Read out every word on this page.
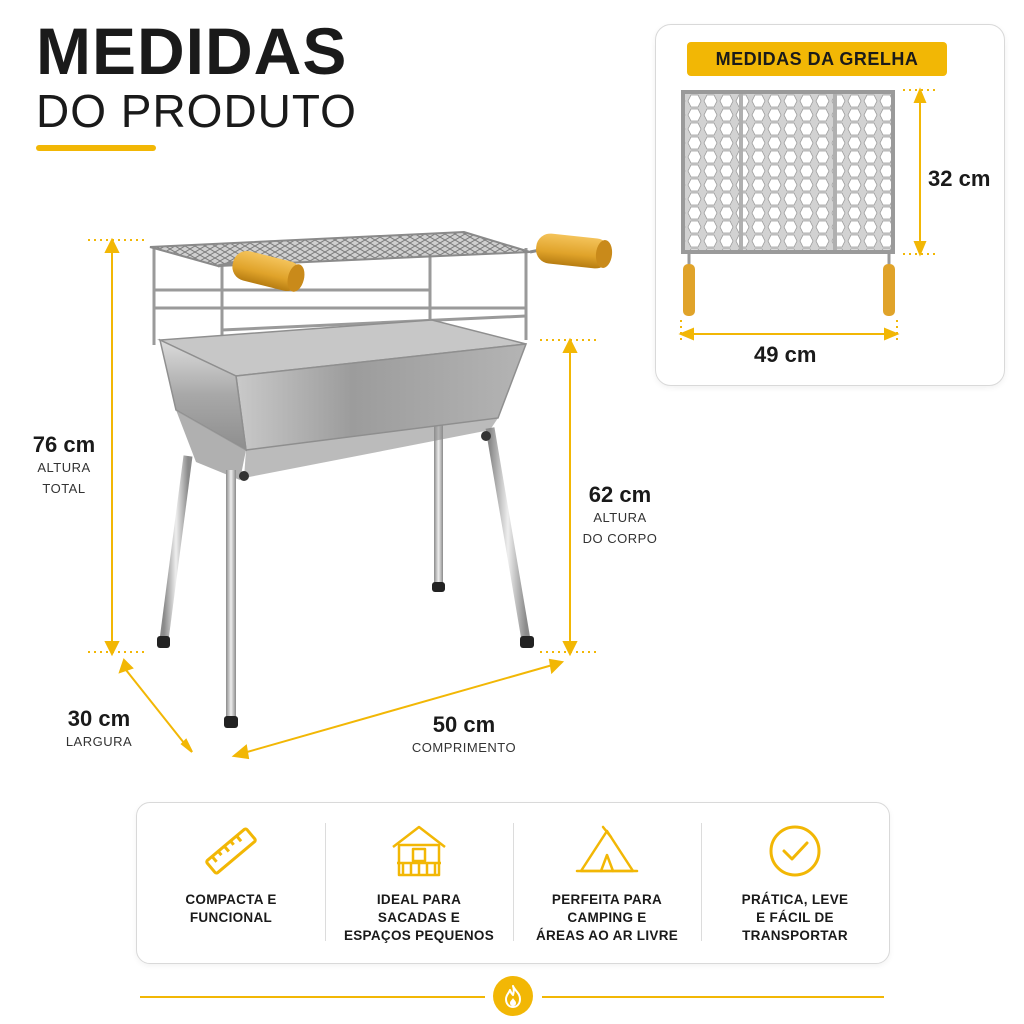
MEDIDAS
DO PRODUTO
76 cm
ALTURA
TOTAL	62 cm
ALTURA
DO CORPO
30 cm
LARGURA
50 cm
COMPRIMENTO
MEDIDAS DA GRELHA
32 cm
49 cm
COMPACTA E
FUNCIONAL
IDEAL PARA
SACADAS E
ESPAÇOS PEQUENOS
PERFEITA PARA
CAMPING E
ÁREAS AO AR LIVRE
PRÁTICA, LEVE
E FÁCIL DE
TRANSPORTAR
